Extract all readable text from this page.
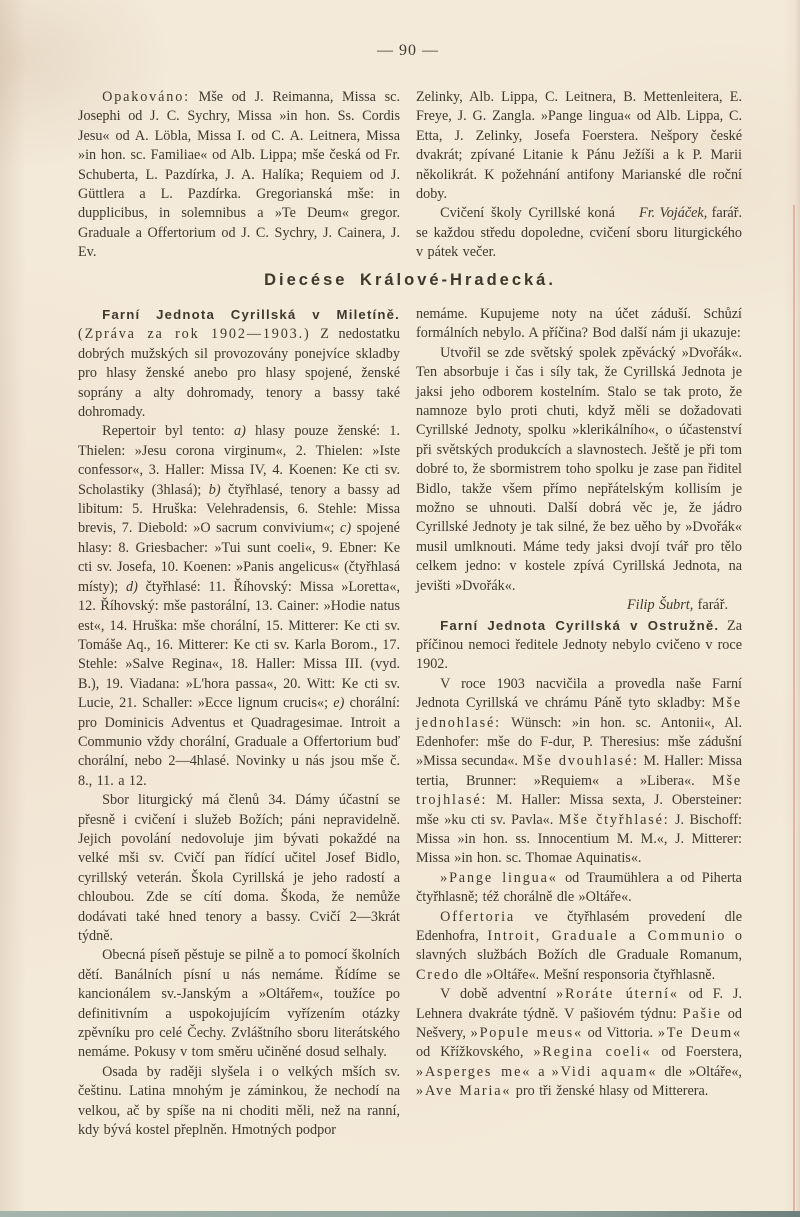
— 90 —

Opakováno: Mše od J. Reimanna, Missa sc. Josephi od J. C. Sychry, Missa »in hon. Ss. Cordis Jesu« od A. Löbla, Missa I. od C. A. Leitnera, Missa »in hon. sc. Familiae« od Alb. Lippa; mše česká od Fr. Schuberta, L. Pazdírka, J. A. Halíka; Requiem od J. Güttlera a L. Pazdírka. Gregorianská mše: in dupplicibus, in solemnibus a »Te Deum« gregor. Graduale a Offertorium od J. C. Sychry, J. Cainera, J. Ev.

Zelinky, Alb. Lippa, C. Leitnera, B. Mettenleitera, E. Freye, J. G. Zangla. »Pange lingua« od Alb. Lippa, C. Etta, J. Zelinky, Josefa Foerstera. Nešpory české dvakrát; zpívané Litanie k Pánu Ježíši a k P. Marii několikrát. K požehnání antifony Marianské dle roční doby.

Fr. Vojáček, farář.
Cvičení školy Cyrillské koná se každou středu dopoledne, cvičení sboru liturgického v pátek večer.

Diecése Králové-Hradecká.

Farní Jednota Cyrillská v Miletíně. (Zpráva za rok 1902—1903.) Z nedostatku dobrých mužských sil provozovány ponejvíce skladby pro hlasy ženské anebo pro hlasy spojené, ženské soprány a alty dohromady, tenory a bassy také dohromady.

Repertoir byl tento: a) hlasy pouze ženské: 1. Thielen: »Jesu corona virginum«, 2. Thielen: »Iste confessor«, 3. Haller: Missa IV, 4. Koenen: Ke cti sv. Scholastiky (3hlasá); b) čtyřhlasé, tenory a bassy ad libitum: 5. Hruška: Velehradensis, 6. Stehle: Missa brevis, 7. Diebold: »O sacrum convivium«; c) spojené hlasy: 8. Griesbacher: »Tui sunt coeli«, 9. Ebner: Ke cti sv. Josefa, 10. Koenen: »Panis angelicus« (čtyřhlasá místy); d) čtyřhlasé: 11. Říhovský: Missa »Loretta«, 12. Říhovský: mše pastorální, 13. Cainer: »Hodie natus est«, 14. Hruška: mše chorální, 15. Mitterer: Ke cti sv. Tomáše Aq., 16. Mitterer: Ke cti sv. Karla Borom., 17. Stehle: »Salve Regina«, 18. Haller: Missa III. (vyd. B.), 19. Viadana: »L'hora passa«, 20. Witt: Ke cti sv. Lucie, 21. Schaller: »Ecce lignum crucis«; e) chorální: pro Dominicis Adventus et Quadragesimae. Introit a Communio vždy chorální, Graduale a Offertorium buď chorální, nebo 2—4hlasé. Novinky u nás jsou mše č. 8., 11. a 12.

Sbor liturgický má členů 34. Dámy účastní se přesně i cvičení i služeb Božích; páni nepravidelně. Jejich povolání nedovoluje jim bývati pokaždé na velké mši sv. Cvičí pan řídící učitel Josef Bidlo, cyrillský veterán. Škola Cyrillská je jeho radostí a chloubou. Zde se cítí doma. Škoda, že nemůže dodávati také hned tenory a bassy. Cvičí 2—3krát týdně.

Obecná píseň pěstuje se pilně a to pomocí školních dětí. Banálních písní u nás nemáme. Řídíme se kancionálem sv.-Janským a »Oltářem«, toužíce po definitivním a uspokojujícím vyřízením otázky zpěvníku pro celé Čechy. Zvláštního sboru literátského nemáme. Pokusy v tom směru učiněné dosud selhaly.

Osada by raději slyšela i o velkých mších sv. češtinu. Latina mnohým je záminkou, že nechodí na velkou, ač by spíše na ni choditi měli, než na ranní, kdy bývá kostel přeplněn. Hmotných podpor

nemáme. Kupujeme noty na účet záduší. Schůzí formálních nebylo. A příčina? Bod další nám ji ukazuje:

Utvořil se zde světský spolek zpěvácký »Dvořák«. Ten absorbuje i čas i síly tak, že Cyrillská Jednota je jaksi jeho odborem kostelním. Stalo se tak proto, že namnoze bylo proti chuti, když měli se dožadovati Cyrillské Jednoty, spolku »klerikálního«, o účastenství při světských produkcích a slavnostech. Ještě je při tom dobré to, že sbormistrem toho spolku je zase pan řiditel Bidlo, takže všem přímo nepřátelským kollisím je možno se uhnouti. Další dobrá věc je, že jádro Cyrillské Jednoty je tak silné, že bez uěho by »Dvořák« musil umlknouti. Máme tedy jaksi dvojí tvář pro tělo celkem jedno: v kostele zpívá Cyrillská Jednota, na jevišti »Dvořák«.

Filip Šubrt, farář.

Farní Jednota Cyrillská v Ostružně. Za příčinou nemoci ředitele Jednoty nebylo cvičeno v roce 1902.

V roce 1903 nacvičila a provedla naše Farní Jednota Cyrillská ve chrámu Páně tyto skladby: Mše jednohlasé: Wünsch: »in hon. sc. Antonii«, Al. Edenhofer: mše do F-dur, P. Theresius: mše zádušní »Missa secunda«. Mše dvouhlasé: M. Haller: Missa tertia, Brunner: »Requiem« a »Libera«. Mše trojhlasé: M. Haller: Missa sexta, J. Obersteiner: mše »ku cti sv. Pavla«. Mše čtyřhlasé: J. Bischoff: Missa »in hon. ss. Innocentium M. M.«, J. Mitterer: Missa »in hon. sc. Thomae Aquinatis«.

»Pange lingua« od Traumühlera a od Piherta čtyřhlasně; též chorálně dle »Oltáře«.

Offertoria ve čtyřhlasém provedení dle Edenhofra, Introit, Graduale a Communio o slavných službách Božích dle Graduale Romanum, Credo dle »Oltáře«. Mešní responsoria čtyřhlasně.

V době adventní »Roráte úterní« od F. J. Lehnera dvakráte týdně. V pašiovém týdnu: Pašie od Nešvery, »Popule meus« od Vittoria. »Te Deum« od Křížkovského, »Regina coeli« od Foerstera, »Asperges me« a »Vidi aquam« dle »Oltáře«, »Ave Maria« pro tři ženské hlasy od Mitterera.
